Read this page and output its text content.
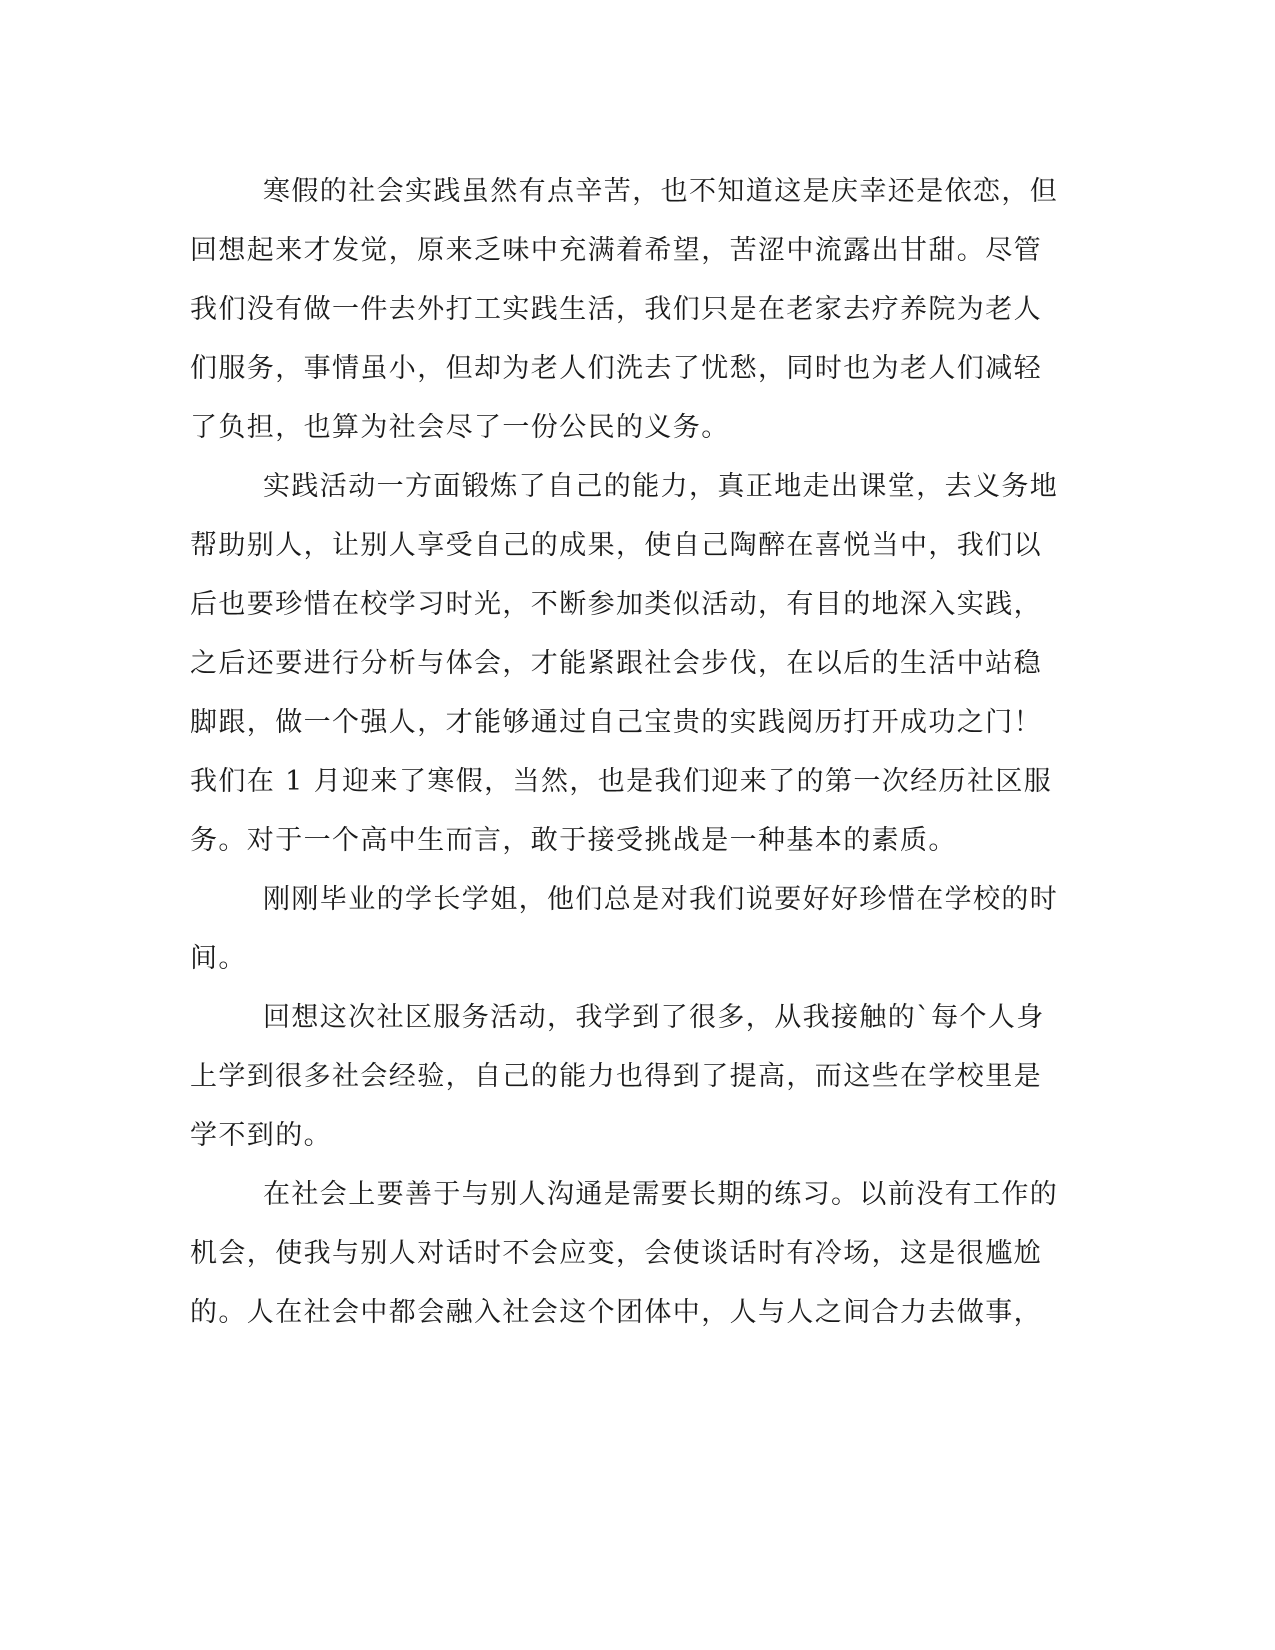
寒假的社会实践虽然有点辛苦，也不知道这是庆幸还是依恋，但
回想起来才发觉，原来乏味中充满着希望，苦涩中流露出甘甜。尽管
我们没有做一件去外打工实践生活，我们只是在老家去疗养院为老人
们服务，事情虽小，但却为老人们洗去了忧愁，同时也为老人们减轻
了负担，也算为社会尽了一份公民的义务。
实践活动一方面锻炼了自己的能力，真正地走出课堂，去义务地
帮助别人，让别人享受自己的成果，使自己陶醉在喜悦当中，我们以
后也要珍惜在校学习时光，不断参加类似活动，有目的地深入实践，
之后还要进行分析与体会，才能紧跟社会步伐，在以后的生活中站稳
脚跟，做一个强人，才能够通过自己宝贵的实践阅历打开成功之门！
我们在 1 月迎来了寒假，当然，也是我们迎来了的第一次经历社区服
务。对于一个高中生而言，敢于接受挑战是一种基本的素质。
刚刚毕业的学长学姐，他们总是对我们说要好好珍惜在学校的时
间。
回想这次社区服务活动，我学到了很多，从我接触的`每个人身
上学到很多社会经验，自己的能力也得到了提高，而这些在学校里是
学不到的。
在社会上要善于与别人沟通是需要长期的练习。以前没有工作的
机会，使我与别人对话时不会应变，会使谈话时有冷场，这是很尴尬
的。人在社会中都会融入社会这个团体中，人与人之间合力去做事，
